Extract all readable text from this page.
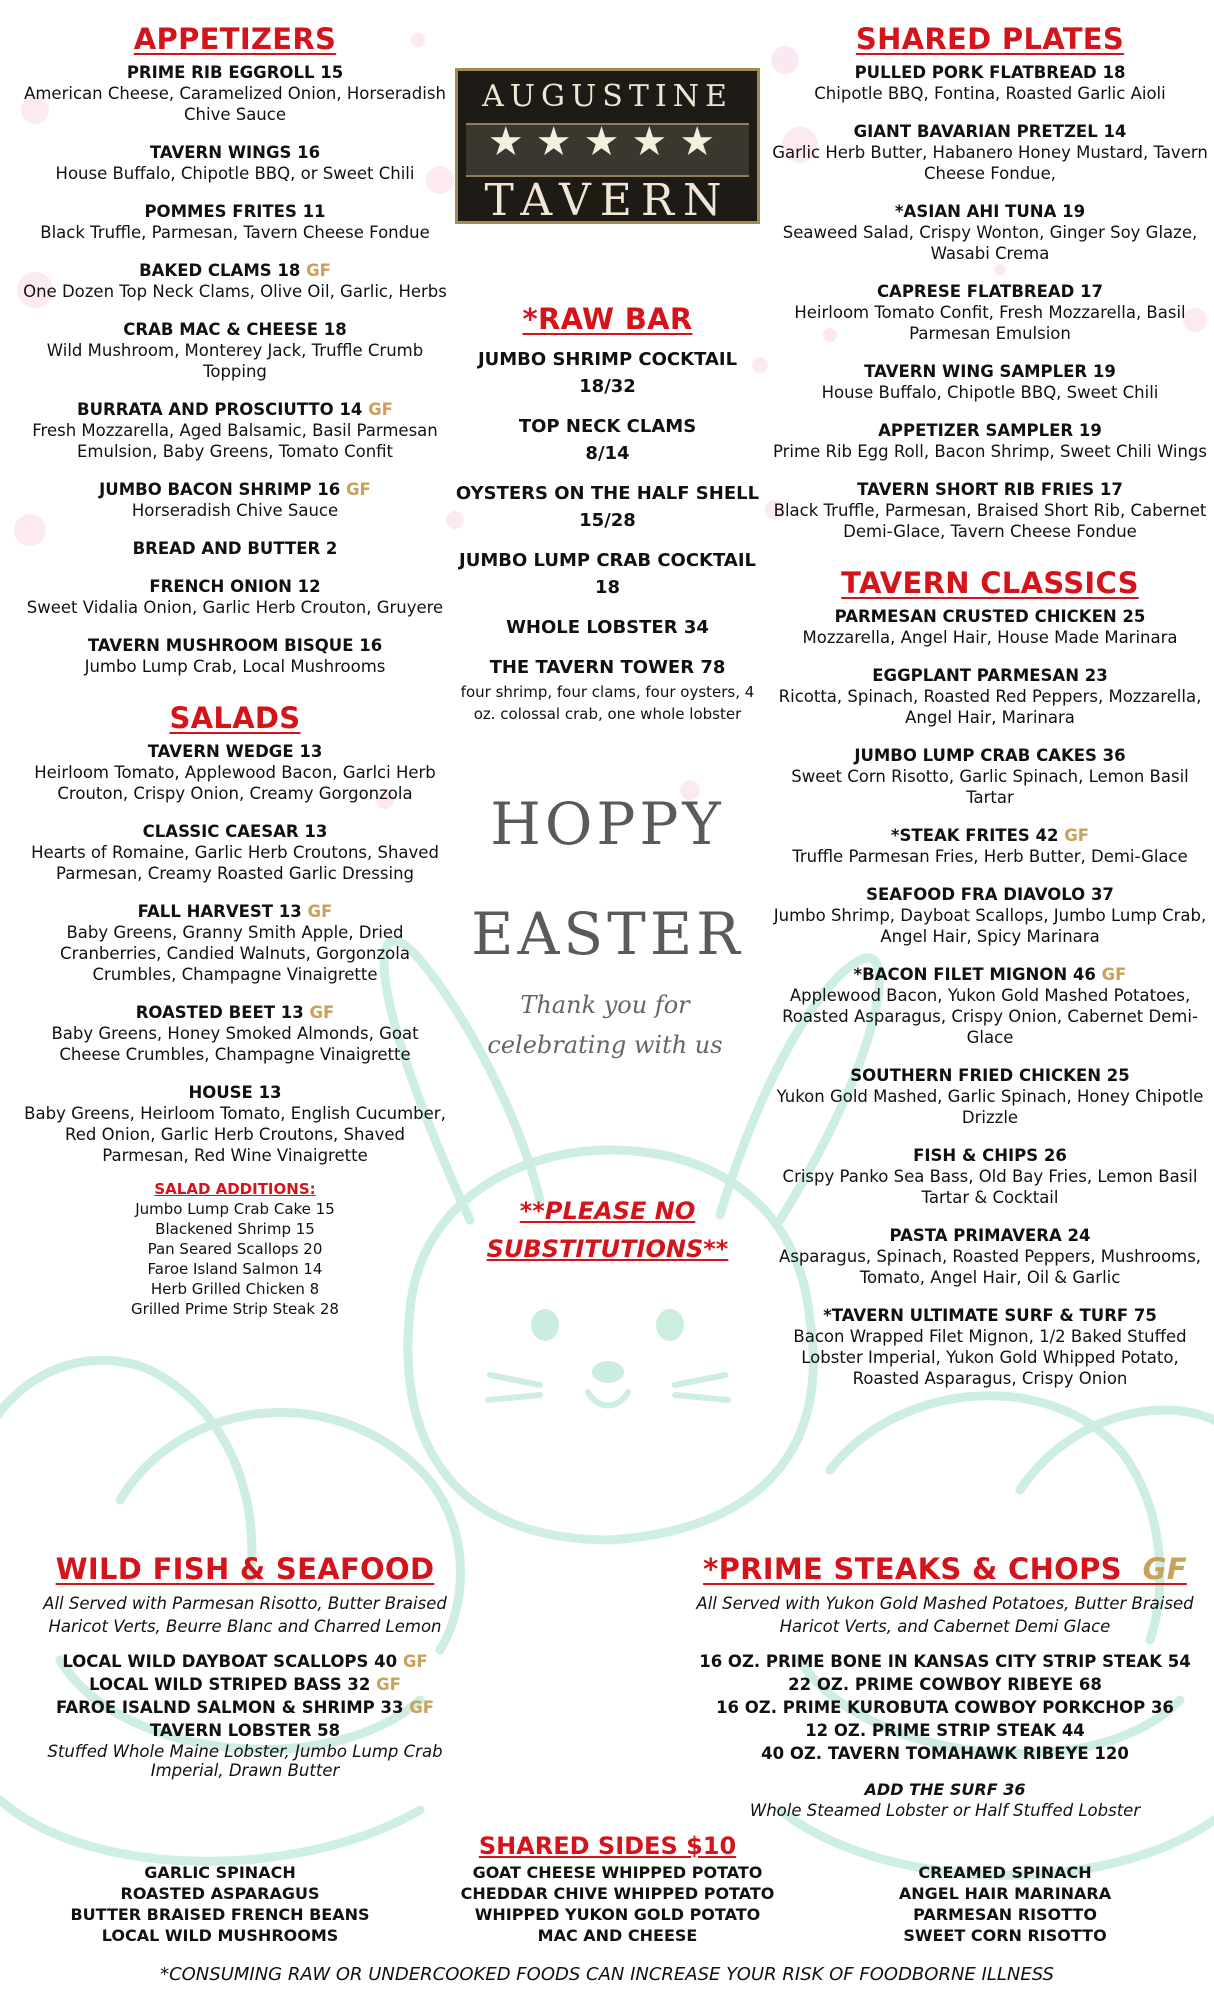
APPETIZERS
PRIME RIB EGGROLL 15
American Cheese, Caramelized Onion, Horseradish Chive Sauce
TAVERN WINGS 16
House Buffalo, Chipotle BBQ, or Sweet Chili
POMMES FRITES 11
Black Truffle, Parmesan, Tavern Cheese Fondue
BAKED CLAMS 18 GF
One Dozen Top Neck Clams, Olive Oil, Garlic, Herbs
CRAB MAC & CHEESE 18
Wild Mushroom, Monterey Jack, Truffle Crumb Topping
BURRATA AND PROSCIUTTO 14 GF
Fresh Mozzarella, Aged Balsamic, Basil Parmesan Emulsion, Baby Greens, Tomato Confit
JUMBO BACON SHRIMP 16 GF
Horseradish Chive Sauce
BREAD AND BUTTER 2
FRENCH ONION 12
Sweet Vidalia Onion, Garlic Herb Crouton, Gruyere
TAVERN MUSHROOM BISQUE 16
Jumbo Lump Crab, Local Mushrooms
SALADS
TAVERN WEDGE 13
Heirloom Tomato, Applewood Bacon, Garlci Herb Crouton, Crispy Onion, Creamy Gorgonzola
CLASSIC CAESAR 13
Hearts of Romaine, Garlic Herb Croutons, Shaved Parmesan, Creamy Roasted Garlic Dressing
FALL HARVEST 13 GF
Baby Greens, Granny Smith Apple, Dried Cranberries, Candied Walnuts, Gorgonzola Crumbles, Champagne Vinaigrette
ROASTED BEET 13 GF
Baby Greens, Honey Smoked Almonds, Goat Cheese Crumbles, Champagne Vinaigrette
HOUSE 13
Baby Greens, Heirloom Tomato, English Cucumber, Red Onion, Garlic Herb Croutons, Shaved Parmesan, Red Wine Vinaigrette
SALAD ADDITIONS:
Jumbo Lump Crab Cake 15
Blackened Shrimp 15
Pan Seared Scallops 20
Faroe Island Salmon 14
Herb Grilled Chicken 8
Grilled Prime Strip Steak 28
AUGUSTINE
★★★★★
TAVERN
*RAW BAR
JUMBO SHRIMP COCKTAIL
18/32
TOP NECK CLAMS
8/14
OYSTERS ON THE HALF SHELL
15/28
JUMBO LUMP CRAB COCKTAIL
18
WHOLE LOBSTER 34
THE TAVERN TOWER 78
four shrimp, four clams, four oysters, 4 oz. colossal crab, one whole lobster
HOPPY
EASTER
Thank you for celebrating with us
**PLEASE NO SUBSTITUTIONS**
SHARED PLATES
PULLED PORK FLATBREAD 18
Chipotle BBQ, Fontina, Roasted Garlic Aioli
GIANT BAVARIAN PRETZEL 14
Garlic Herb Butter, Habanero Honey Mustard, Tavern Cheese Fondue,
*ASIAN AHI TUNA 19
Seaweed Salad, Crispy Wonton, Ginger Soy Glaze, Wasabi Crema
CAPRESE FLATBREAD 17
Heirloom Tomato Confit, Fresh Mozzarella, Basil Parmesan Emulsion
TAVERN WING SAMPLER 19
House Buffalo, Chipotle BBQ, Sweet Chili
APPETIZER SAMPLER 19
Prime Rib Egg Roll, Bacon Shrimp, Sweet Chili Wings
TAVERN SHORT RIB FRIES 17
Black Truffle, Parmesan, Braised Short Rib, Cabernet Demi-Glace, Tavern Cheese Fondue
TAVERN CLASSICS
PARMESAN CRUSTED CHICKEN 25
Mozzarella, Angel Hair, House Made Marinara
EGGPLANT PARMESAN 23
Ricotta, Spinach, Roasted Red Peppers, Mozzarella, Angel Hair, Marinara
JUMBO LUMP CRAB CAKES 36
Sweet Corn Risotto, Garlic Spinach, Lemon Basil Tartar
*STEAK FRITES 42 GF
Truffle Parmesan Fries, Herb Butter, Demi-Glace
SEAFOOD FRA DIAVOLO 37
Jumbo Shrimp, Dayboat Scallops, Jumbo Lump Crab, Angel Hair, Spicy Marinara
*BACON FILET MIGNON 46 GF
Applewood Bacon, Yukon Gold Mashed Potatoes, Roasted Asparagus, Crispy Onion, Cabernet Demi-Glace
SOUTHERN FRIED CHICKEN 25
Yukon Gold Mashed, Garlic Spinach, Honey Chipotle Drizzle
FISH & CHIPS 26
Crispy Panko Sea Bass, Old Bay Fries, Lemon Basil Tartar & Cocktail
PASTA PRIMAVERA 24
Asparagus, Spinach, Roasted Peppers, Mushrooms, Tomato, Angel Hair, Oil & Garlic
*TAVERN ULTIMATE SURF & TURF 75
Bacon Wrapped Filet Mignon, 1/2 Baked Stuffed Lobster Imperial, Yukon Gold Whipped Potato, Roasted Asparagus, Crispy Onion
WILD FISH & SEAFOOD
All Served with Parmesan Risotto, Butter Braised Haricot Verts, Beurre Blanc and Charred Lemon
LOCAL WILD DAYBOAT SCALLOPS 40 GF
LOCAL WILD STRIPED BASS 32 GF
FAROE ISALND SALMON & SHRIMP 33 GF
TAVERN LOBSTER 58
Stuffed Whole Maine Lobster, Jumbo Lump Crab Imperial, Drawn Butter
*PRIME STEAKS & CHOPS GF
All Served with Yukon Gold Mashed Potatoes, Butter Braised Haricot Verts, and Cabernet Demi Glace
16 OZ. PRIME BONE IN KANSAS CITY STRIP STEAK 54
22 OZ. PRIME COWBOY RIBEYE 68
16 OZ. PRIME KUROBUTA COWBOY PORKCHOP 36
12 OZ. PRIME STRIP STEAK 44
40 OZ. TAVERN TOMAHAWK RIBEYE 120
ADD THE SURF 36
Whole Steamed Lobster or Half Stuffed Lobster
SHARED SIDES $10
GARLIC SPINACH
ROASTED ASPARAGUS
BUTTER BRAISED FRENCH BEANS
LOCAL WILD MUSHROOMS
GOAT CHEESE WHIPPED POTATO
CHEDDAR CHIVE WHIPPED POTATO
WHIPPED YUKON GOLD POTATO
MAC AND CHEESE
CREAMED SPINACH
ANGEL HAIR MARINARA
PARMESAN RISOTTO
SWEET CORN RISOTTO
*CONSUMING RAW OR UNDERCOOKED FOODS CAN INCREASE YOUR RISK OF FOODBORNE ILLNESS
